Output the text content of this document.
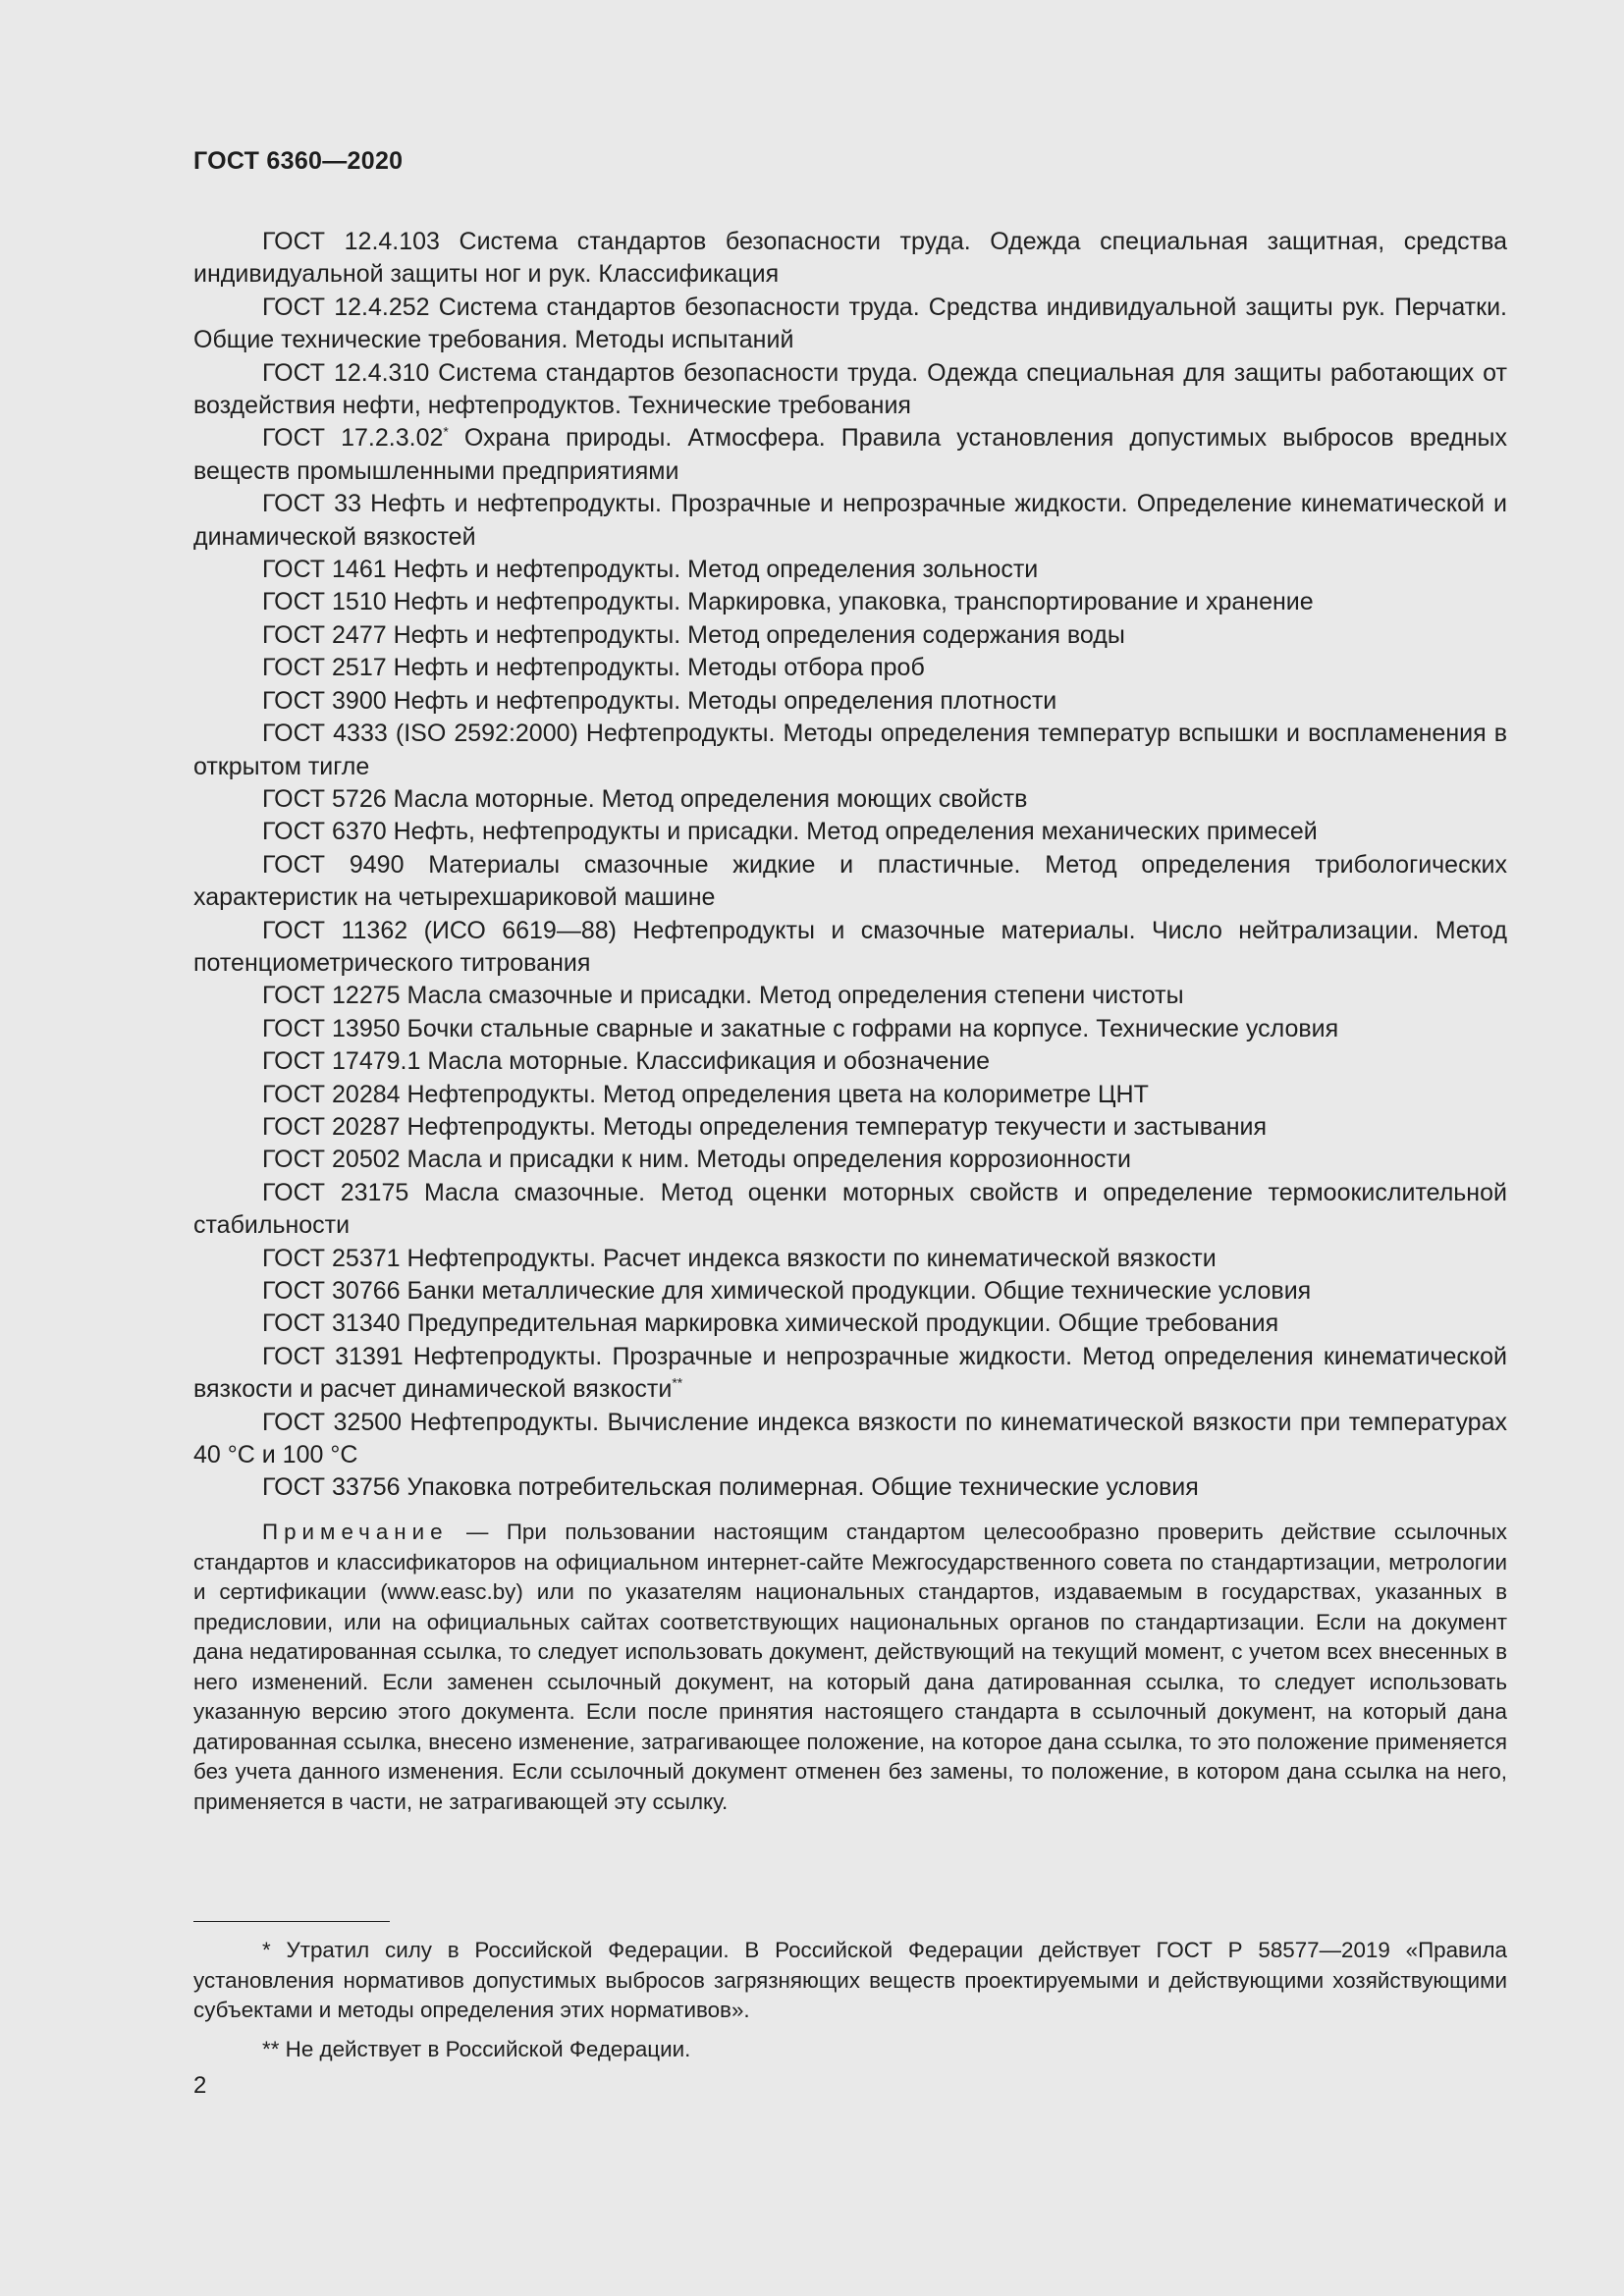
ГОСТ 6360—2020

ГОСТ 12.4.103 Система стандартов безопасности труда. Одежда специальная защитная, средства индивидуальной защиты ног и рук. Классификация

ГОСТ 12.4.252 Система стандартов безопасности труда. Средства индивидуальной защиты рук. Перчатки. Общие технические требования. Методы испытаний

ГОСТ 12.4.310 Система стандартов безопасности труда. Одежда специальная для защиты работающих от воздействия нефти, нефтепродуктов. Технические требования

ГОСТ 17.2.3.02* Охрана природы. Атмосфера. Правила установления допустимых выбросов вредных веществ промышленными предприятиями

ГОСТ 33 Нефть и нефтепродукты. Прозрачные и непрозрачные жидкости. Определение кинематической и динамической вязкостей

ГОСТ 1461 Нефть и нефтепродукты. Метод определения зольности

ГОСТ 1510 Нефть и нефтепродукты. Маркировка, упаковка, транспортирование и хранение

ГОСТ 2477 Нефть и нефтепродукты. Метод определения содержания воды

ГОСТ 2517 Нефть и нефтепродукты. Методы отбора проб

ГОСТ 3900 Нефть и нефтепродукты. Методы определения плотности

ГОСТ 4333 (ISO 2592:2000) Нефтепродукты. Методы определения температур вспышки и воспламенения в открытом тигле

ГОСТ 5726 Масла моторные. Метод определения моющих свойств

ГОСТ 6370 Нефть, нефтепродукты и присадки. Метод определения механических примесей

ГОСТ 9490 Материалы смазочные жидкие и пластичные. Метод определения трибологических характеристик на четырехшариковой машине

ГОСТ 11362 (ИСО 6619—88) Нефтепродукты и смазочные материалы. Число нейтрализации. Метод потенциометрического титрования

ГОСТ 12275 Масла смазочные и присадки. Метод определения степени чистоты

ГОСТ 13950 Бочки стальные сварные и закатные с гофрами на корпусе. Технические условия

ГОСТ 17479.1 Масла моторные. Классификация и обозначение

ГОСТ 20284 Нефтепродукты. Метод определения цвета на колориметре ЦНТ

ГОСТ 20287 Нефтепродукты. Методы определения температур текучести и застывания

ГОСТ 20502 Масла и присадки к ним. Методы определения коррозионности

ГОСТ 23175 Масла смазочные. Метод оценки моторных свойств и определение термоокислительной стабильности

ГОСТ 25371 Нефтепродукты. Расчет индекса вязкости по кинематической вязкости

ГОСТ 30766 Банки металлические для химической продукции. Общие технические условия

ГОСТ 31340 Предупредительная маркировка химической продукции. Общие требования

ГОСТ 31391 Нефтепродукты. Прозрачные и непрозрачные жидкости. Метод определения кинематической вязкости и расчет динамической вязкости**

ГОСТ 32500 Нефтепродукты. Вычисление индекса вязкости по кинематической вязкости при температурах 40 °С и 100 °С

ГОСТ 33756 Упаковка потребительская полимерная. Общие технические условия

Примечание — При пользовании настоящим стандартом целесообразно проверить действие ссылочных стандартов и классификаторов на официальном интернет-сайте Межгосударственного совета по стандартизации, метрологии и сертификации (www.easc.by) или по указателям национальных стандартов, издаваемым в государствах, указанных в предисловии, или на официальных сайтах соответствующих национальных органов по стандартизации. Если на документ дана недатированная ссылка, то следует использовать документ, действующий на текущий момент, с учетом всех внесенных в него изменений. Если заменен ссылочный документ, на который дана датированная ссылка, то следует использовать указанную версию этого документа. Если после принятия настоящего стандарта в ссылочный документ, на который дана датированная ссылка, внесено изменение, затрагивающее положение, на которое дана ссылка, то это положение применяется без учета данного изменения. Если ссылочный документ отменен без замены, то положение, в котором дана ссылка на него, применяется в части, не затрагивающей эту ссылку.

* Утратил силу в Российской Федерации. В Российской Федерации действует ГОСТ Р 58577—2019 «Правила установления нормативов допустимых выбросов загрязняющих веществ проектируемыми и действующими хозяйствующими субъектами и методы определения этих нормативов».

** Не действует в Российской Федерации.

2
